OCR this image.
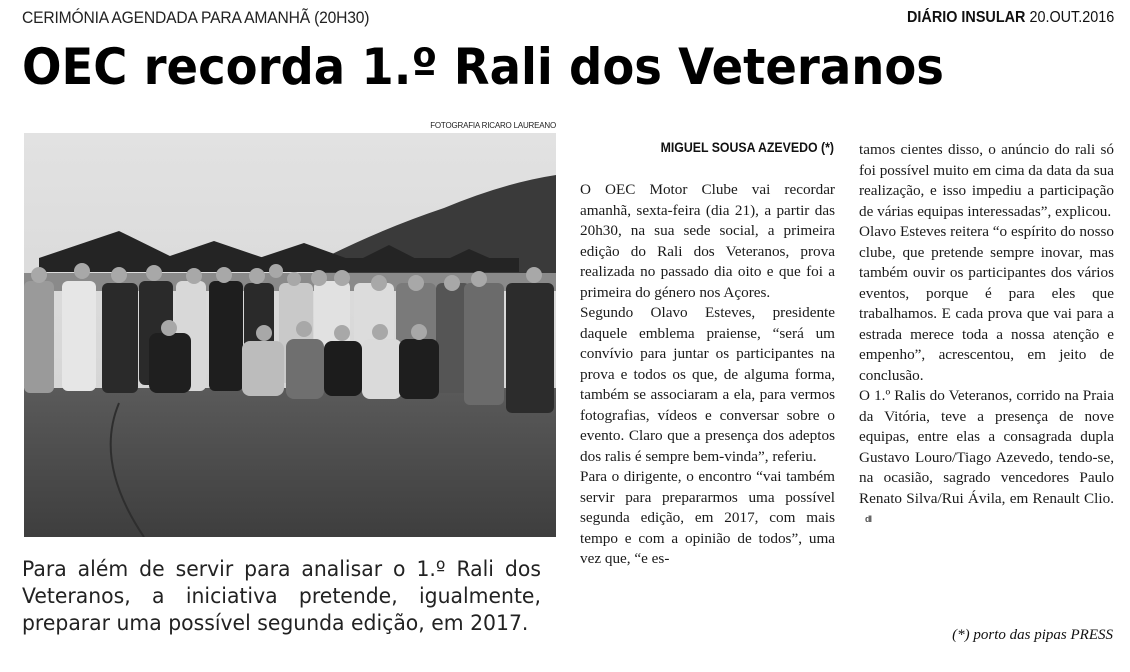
CERIMÓNIA AGENDADA PARA AMANHÃ (20H30)	DIÁRIO INSULAR 20.OUT.2016
OEC recorda 1.º Rali dos Veteranos
FOTOGRAFIA RICARO LAUREANO
Para além de servir para analisar o 1.º Rali dos Veteranos, a iniciativa pretende, igualmente, preparar uma possível segunda edição, em 2017.
MIGUEL SOUSA AZEVEDO (*)

O OEC Motor Clube vai recordar amanhã, sexta-feira (dia 21), a partir das 20h30, na sua sede social, a primeira edição do Rali dos Veteranos, prova realizada no passado dia oito e que foi a primeira do género nos Açores.

Segundo Olavo Esteves, presidente daquele emblema praiense, “será um convívio para juntar os participantes na prova e todos os que, de alguma forma, também se associaram a ela, para vermos fotografias, vídeos e conversar sobre o evento. Claro que a presença dos adeptos dos ralis é sempre bem-vinda”, referiu.

Para o dirigente, o encontro “vai também servir para prepararmos uma possível segunda edição, em 2017, com mais tempo e com a opinião de todos”, uma vez que, “e es-

tamos cientes disso, o anúncio do rali só foi possível muito em cima da data da sua realização, e isso impediu a participação de várias equipas interessadas”, explicou.

Olavo Esteves reitera “o espírito do nosso clube, que pretende sempre inovar, mas também ouvir os participantes dos vários eventos, porque é para eles que trabalhamos. E cada prova que vai para a estrada merece toda a nossa atenção e empenho”, acrescentou, em jeito de conclusão.

O 1.º Ralis do Veteranos, corrido na Praia da Vitória, teve a presença de nove equipas, entre elas a consagrada dupla Gustavo Louro/Tiago Azevedo, tendo-se, na ocasião, sagrado vencedores Paulo Renato Silva/Rui Ávila, em Renault Clio.dI

(*) porto das pipas PRESS
